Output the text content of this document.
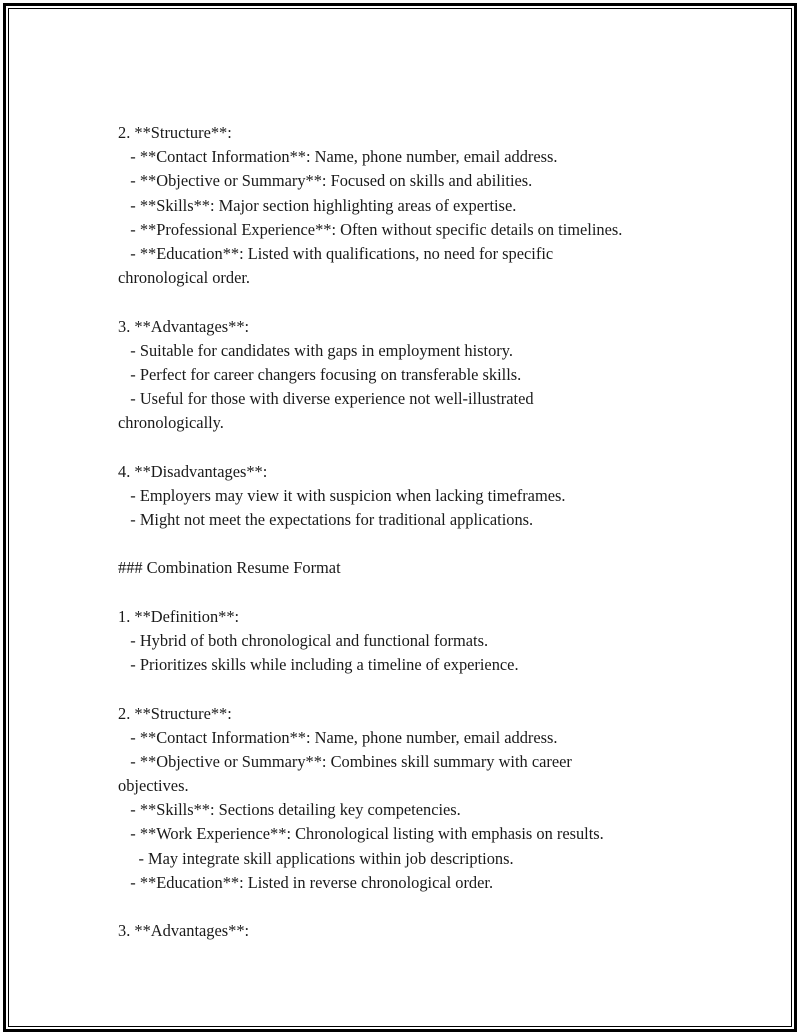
2. **Structure**:
- **Contact Information**: Name, phone number, email address.
- **Objective or Summary**: Focused on skills and abilities.
- **Skills**: Major section highlighting areas of expertise.
- **Professional Experience**: Often without specific details on timelines.
- **Education**: Listed with qualifications, no need for specific
chronological order.
3. **Advantages**:
- Suitable for candidates with gaps in employment history.
- Perfect for career changers focusing on transferable skills.
- Useful for those with diverse experience not well-illustrated
chronologically.
4. **Disadvantages**:
- Employers may view it with suspicion when lacking timeframes.
- Might not meet the expectations for traditional applications.
### Combination Resume Format
1. **Definition**:
- Hybrid of both chronological and functional formats.
- Prioritizes skills while including a timeline of experience.
2. **Structure**:
- **Contact Information**: Name, phone number, email address.
- **Objective or Summary**: Combines skill summary with career
objectives.
- **Skills**: Sections detailing key competencies.
- **Work Experience**: Chronological listing with emphasis on results.
- May integrate skill applications within job descriptions.
- **Education**: Listed in reverse chronological order.
3. **Advantages**:
